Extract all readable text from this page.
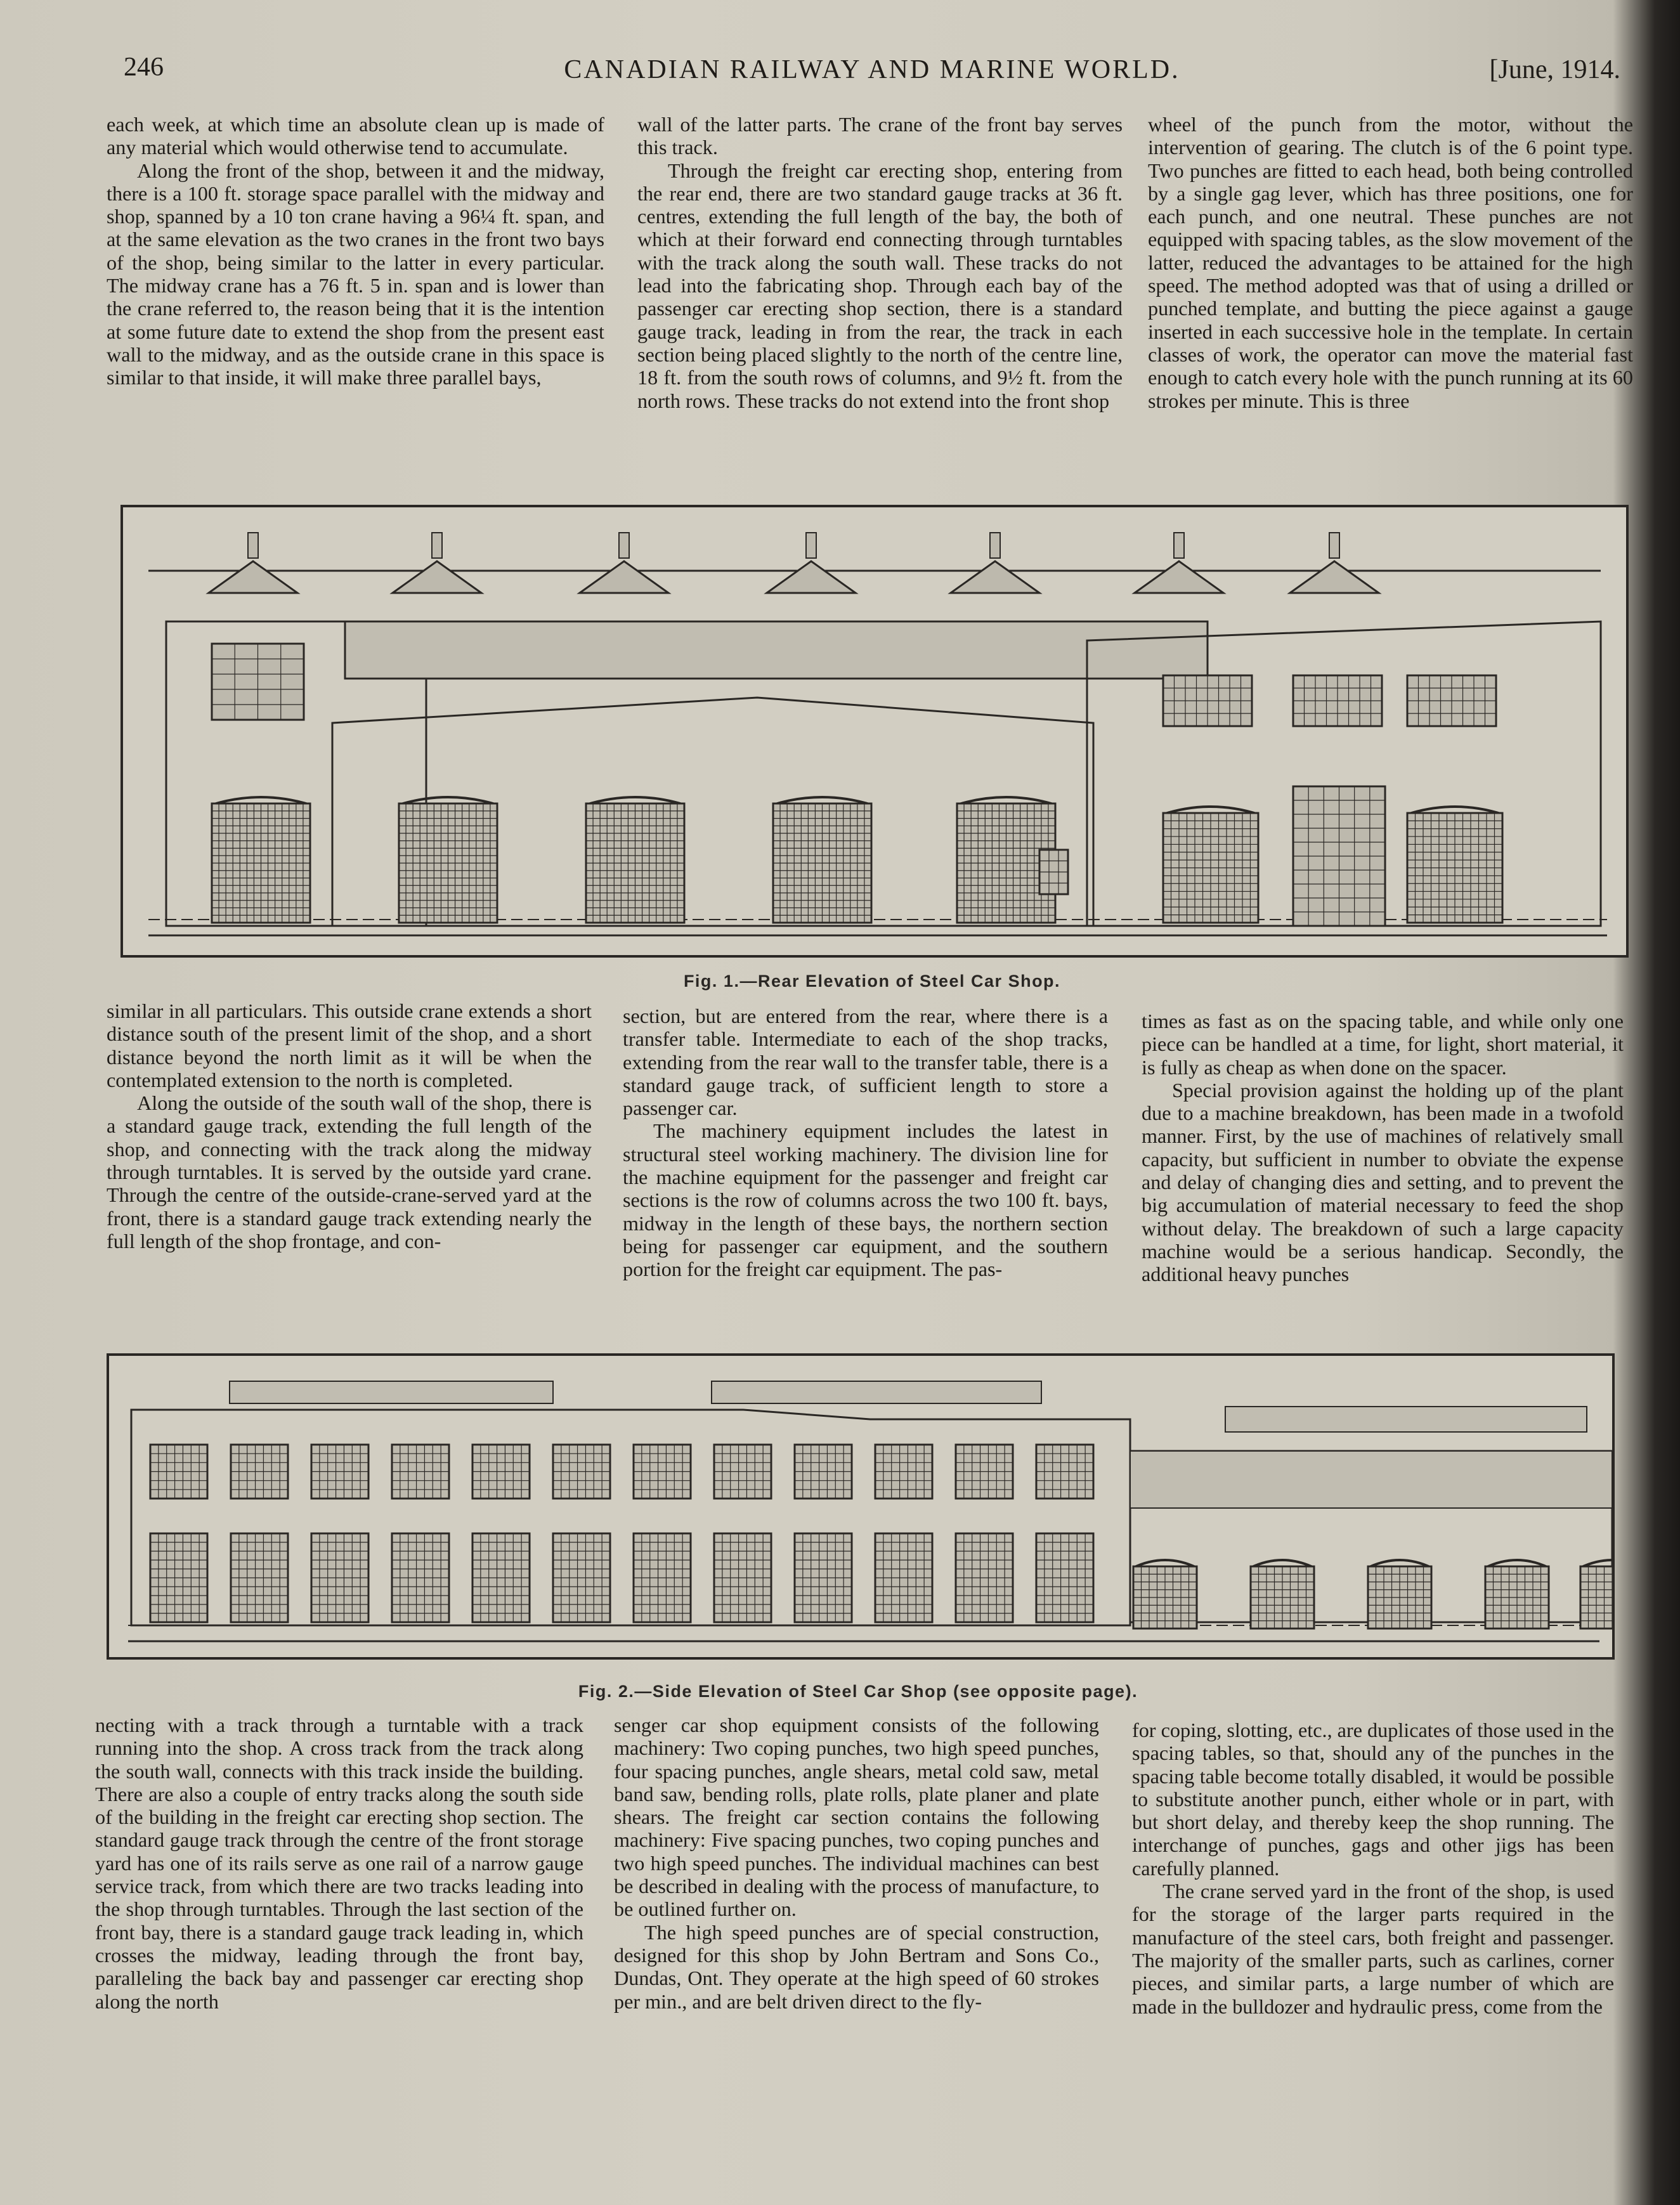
246	CANADIAN RAILWAY AND MARINE WORLD.	[June, 1914.

each week, at which time an absolute clean up is made of any material which would otherwise tend to accumulate.

Along the front of the shop, between it and the midway, there is a 100 ft. storage space parallel with the midway and shop, spanned by a 10 ton crane having a 96¼ ft. span, and at the same elevation as the two cranes in the front two bays of the shop, being similar to the latter in every particular. The midway crane has a 76 ft. 5 in. span and is lower than the crane referred to, the reason being that it is the intention at some future date to extend the shop from the present east wall to the midway, and as the outside crane in this space is similar to that inside, it will make three parallel bays,

wall of the latter parts. The crane of the front bay serves this track.

Through the freight car erecting shop, entering from the rear end, there are two standard gauge tracks at 36 ft. centres, extending the full length of the bay, the both of which at their forward end connecting through turntables with the track along the south wall. These tracks do not lead into the fabricating shop. Through each bay of the passenger car erecting shop section, there is a standard gauge track, leading in from the rear, the track in each section being placed slightly to the north of the centre line, 18 ft. from the south rows of columns, and 9½ ft. from the north rows. These tracks do not extend into the front shop

wheel of the punch from the motor, without the intervention of gearing. The clutch is of the 6 point type. Two punches are fitted to each head, both being controlled by a single gag lever, which has three positions, one for each punch, and one neutral. These punches are not equipped with spacing tables, as the slow movement of the latter, reduced the advantages to be attained for the high speed. The method adopted was that of using a drilled or punched template, and butting the piece against a gauge inserted in each successive hole in the template. In certain classes of work, the operator can move the material fast enough to catch every hole with the punch running at its 60 strokes per minute. This is three

Fig. 1.—Rear Elevation of Steel Car Shop.

similar in all particulars. This outside crane extends a short distance south of the present limit of the shop, and a short distance beyond the north limit as it will be when the contemplated extension to the north is completed.

Along the outside of the south wall of the shop, there is a standard gauge track, extending the full length of the shop, and connecting with the track along the midway through turntables. It is served by the outside yard crane. Through the centre of the outside-crane-served yard at the front, there is a standard gauge track extending nearly the full length of the shop frontage, and con-

section, but are entered from the rear, where there is a transfer table. Intermediate to each of the shop tracks, extending from the rear wall to the transfer table, there is a standard gauge track, of sufficient length to store a passenger car.

The machinery equipment includes the latest in structural steel working machinery. The division line for the machine equipment for the passenger and freight car sections is the row of columns across the two 100 ft. bays, midway in the length of these bays, the northern section being for passenger car equipment, and the southern portion for the freight car equipment. The pas-

times as fast as on the spacing table, and while only one piece can be handled at a time, for light, short material, it is fully as cheap as when done on the spacer.

Special provision against the holding up of the plant due to a machine breakdown, has been made in a twofold manner. First, by the use of machines of relatively small capacity, but sufficient in number to obviate the expense and delay of changing dies and setting, and to prevent the big accumulation of material necessary to feed the shop without delay. The breakdown of such a large capacity machine would be a serious handicap. Secondly, the additional heavy punches

Fig. 2.—Side Elevation of Steel Car Shop (see opposite page).

necting with a track through a turntable with a track running into the shop. A cross track from the track along the south wall, connects with this track inside the building. There are also a couple of entry tracks along the south side of the building in the freight car erecting shop section. The standard gauge track through the centre of the front storage yard has one of its rails serve as one rail of a narrow gauge service track, from which there are two tracks leading into the shop through turntables. Through the last section of the front bay, there is a standard gauge track leading in, which crosses the midway, leading through the front bay, paralleling the back bay and passenger car erecting shop along the north

senger car shop equipment consists of the following machinery: Two coping punches, two high speed punches, four spacing punches, angle shears, metal cold saw, metal band saw, bending rolls, plate rolls, plate planer and plate shears. The freight car section contains the following machinery: Five spacing punches, two coping punches and two high speed punches. The individual machines can best be described in dealing with the process of manufacture, to be outlined further on.

The high speed punches are of special construction, designed for this shop by John Bertram and Sons Co., Dundas, Ont. They operate at the high speed of 60 strokes per min., and are belt driven direct to the fly-

for coping, slotting, etc., are duplicates of those used in the spacing tables, so that, should any of the punches in the spacing table become totally disabled, it would be possible to substitute another punch, either whole or in part, with but short delay, and thereby keep the shop running. The interchange of punches, gags and other jigs has been carefully planned.

The crane served yard in the front of the shop, is used for the storage of the larger parts required in the manufacture of the steel cars, both freight and passenger. The majority of the smaller parts, such as carlines, corner pieces, and similar parts, a large number of which are made in the bulldozer and hydraulic press, come from the
